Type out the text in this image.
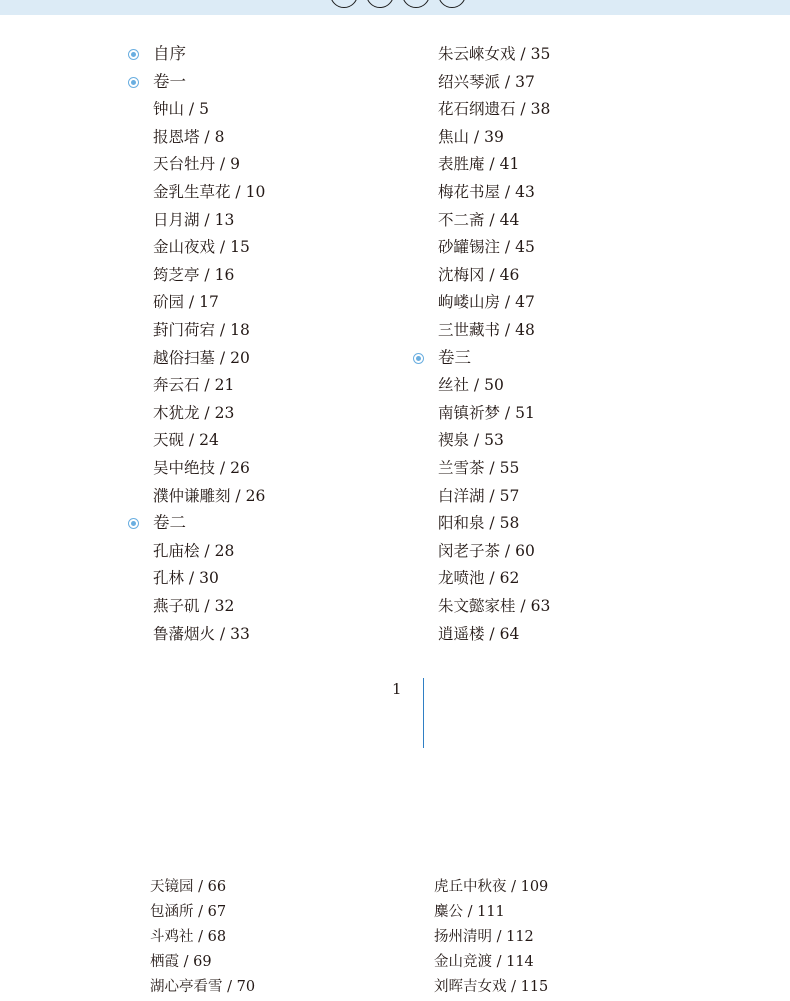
自序
卷一
钟山 / 5
报恩塔 / 8
天台牡丹 / 9
金乳生草花 / 10
日月湖 / 13
金山夜戏 / 15
筠芝亭 / 16
砎园 / 17
葑门荷宕 / 18
越俗扫墓 / 20
奔云石 / 21
木犹龙 / 23
天砚 / 24
吴中绝技 / 26
濮仲谦雕刻 / 26
卷二
孔庙桧 / 28
孔林 / 30
燕子矶 / 32
鲁藩烟火 / 33
朱云崍女戏 / 35
绍兴琴派 / 37
花石纲遗石 / 38
焦山 / 39
表胜庵 / 41
梅花书屋 / 43
不二斋 / 44
砂罐锡注 / 45
沈梅冈 / 46
岣嵝山房 / 47
三世藏书 / 48
卷三
丝社 / 50
南镇祈梦 / 51
禊泉 / 53
兰雪茶 / 55
白洋湖 / 57
阳和泉 / 58
闵老子茶 / 60
龙喷池 / 62
朱文懿家桂 / 63
逍遥楼 / 64
1
天镜园 / 66
包涵所 / 67
斗鸡社 / 68
栖霞 / 69
湖心亭看雪 / 70
虎丘中秋夜 / 109
麋公 / 111
扬州清明 / 112
金山竞渡 / 114
刘晖吉女戏 / 115
